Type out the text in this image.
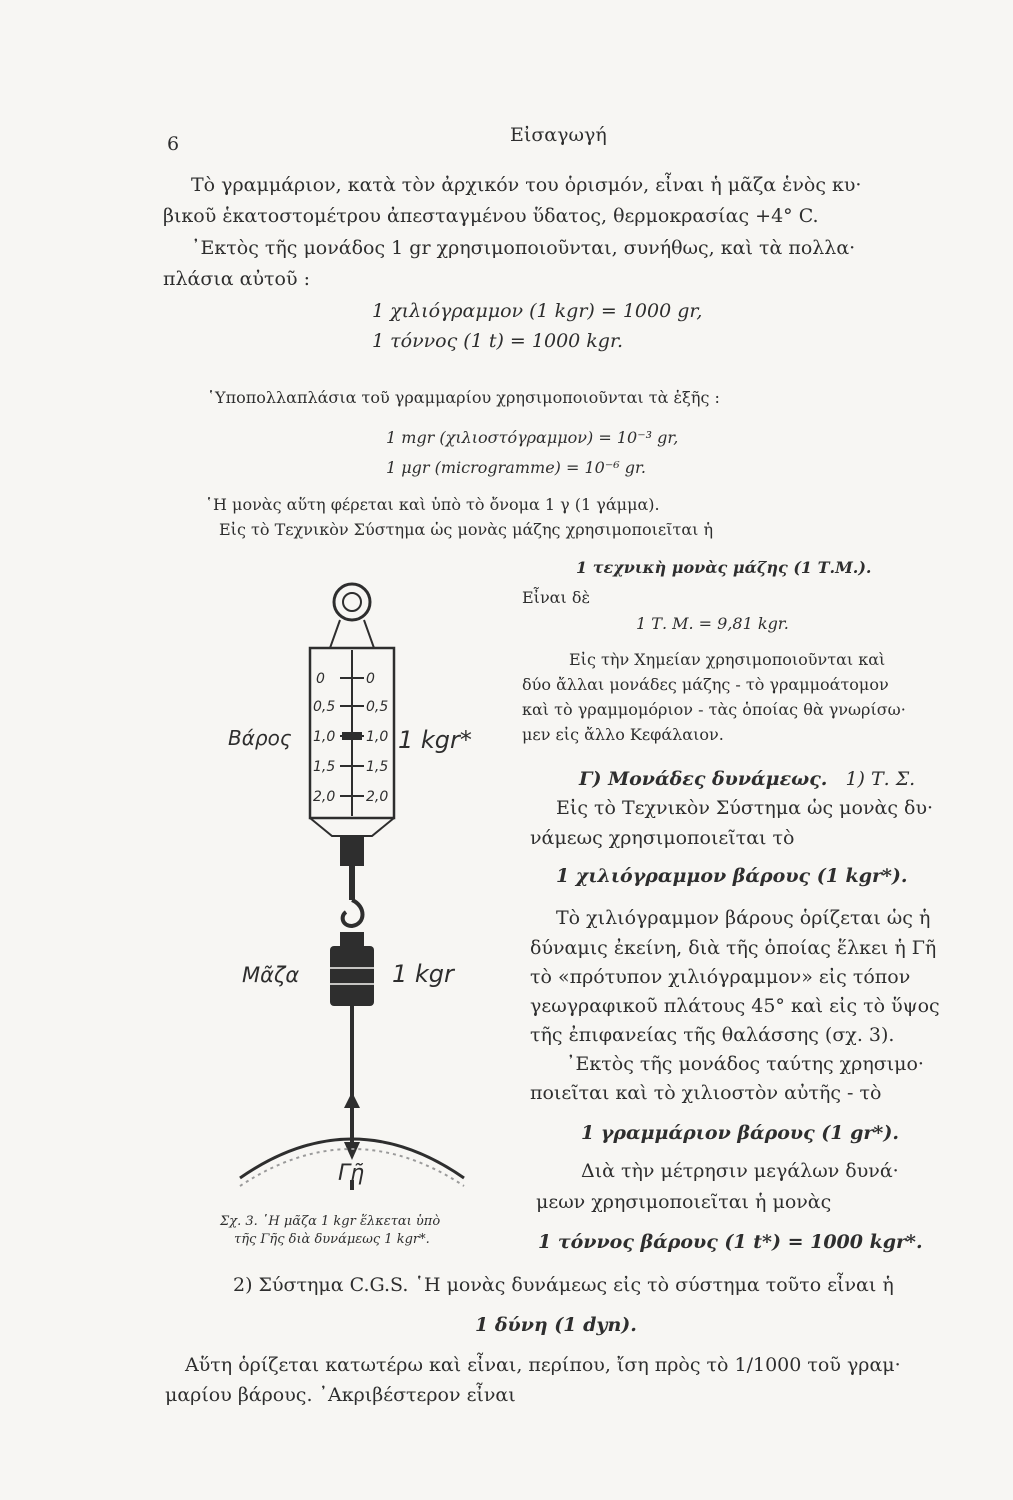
6	Εἰσαγωγή
Τὸ γραμμάριον, κατὰ τὸν ἀρχικόν του ὁρισμόν, εἶναι ἡ μᾶζα ἑνὸς κυ·
βικοῦ ἑκατοστομέτρου ἀπεσταγμένου ὕδατος, θερμοκρασίας +4° C.
᾿Εκτὸς τῆς μονάδος 1 gr χρησιμοποιοῦνται, συνήθως, καὶ τὰ πολλα·
πλάσια αὐτοῦ :
1 χιλιόγραμμον (1 kgr) = 1000 gr,
1 τόννος (1 t) = 1000 kgr.
῾Υποπολλαπλάσια τοῦ γραμμαρίου χρησιμοποιοῦνται τὰ ἑξῆς :
1 mgr (χιλιοστόγραμμον) = 10⁻³ gr,
1 μgr (microgramme) = 10⁻⁶ gr.
῾Η μονὰς αὕτη φέρεται καὶ ὑπὸ τὸ ὄνομα 1 γ (1 γάμμα).
Εἰς τὸ Τεχνικὸν Σύστημα ὡς μονὰς μάζης χρησιμοποιεῖται ἡ
1 τεχνικὴ μονὰς μάζης (1 Τ.Μ.).
Εἶναι δὲ
1 Τ. Μ. = 9,81 kgr.
Εἰς τὴν Χημείαν χρησιμοποιοῦνται καὶ
δύο ἄλλαι μονάδες μάζης - τὸ γραμμοάτομον
καὶ τὸ γραμμομόριον - τὰς ὁποίας θὰ γνωρίσω·
μεν εἰς ἄλλο Κεφάλαιον.
Γ) Μονάδες δυνάμεως. 1) Τ. Σ.
Εἰς τὸ Τεχνικὸν Σύστημα ὡς μονὰς δυ·
νάμεως χρησιμοποιεῖται τὸ
1 χιλιόγραμμον βάρους (1 kgr*).
Τὸ χιλιόγραμμον βάρους ὁρίζεται ὡς ἡ
δύναμις ἐκείνη, διὰ τῆς ὁποίας ἕλκει ἡ Γῆ
τὸ «πρότυπον χιλιόγραμμον» εἰς τόπον
γεωγραφικοῦ πλάτους 45° καὶ εἰς τὸ ὕψος
τῆς ἐπιφανείας τῆς θαλάσσης (σχ. 3).
᾿Εκτὸς τῆς μονάδος ταύτης χρησιμο·
ποιεῖται καὶ τὸ χιλιοστὸν αὐτῆς - τὸ
1 γραμμάριον βάρους (1 gr*).
Διὰ τὴν μέτρησιν μεγάλων δυνά·
μεων χρησιμοποιεῖται ἡ μονὰς
1 τόννος βάρους (1 t*) = 1000 kgr*.
2) Σύστημα C.G.S. ῾Η μονὰς δυνάμεως εἰς τὸ σύστημα τοῦτο εἶναι ἡ
1 δύνη (1 dyn).
Αὕτη ὁρίζεται κατωτέρω καὶ εἶναι, περίπου, ἴση πρὸς τὸ 1/1000 τοῦ γραμ·
μαρίου βάρους. ᾿Ακριβέστερον εἶναι
0	0
0,5 0,5
1,0 1,0
1,5 1,5
2,0 2,0
Βάρος	1 kgr*
Μᾶζα	1 kgr
Γῆ
Σχ. 3. ῾Η μᾶζα 1 kgr ἕλκεται ὑπὸ
τῆς Γῆς διὰ δυνάμεως 1 kgr*.
